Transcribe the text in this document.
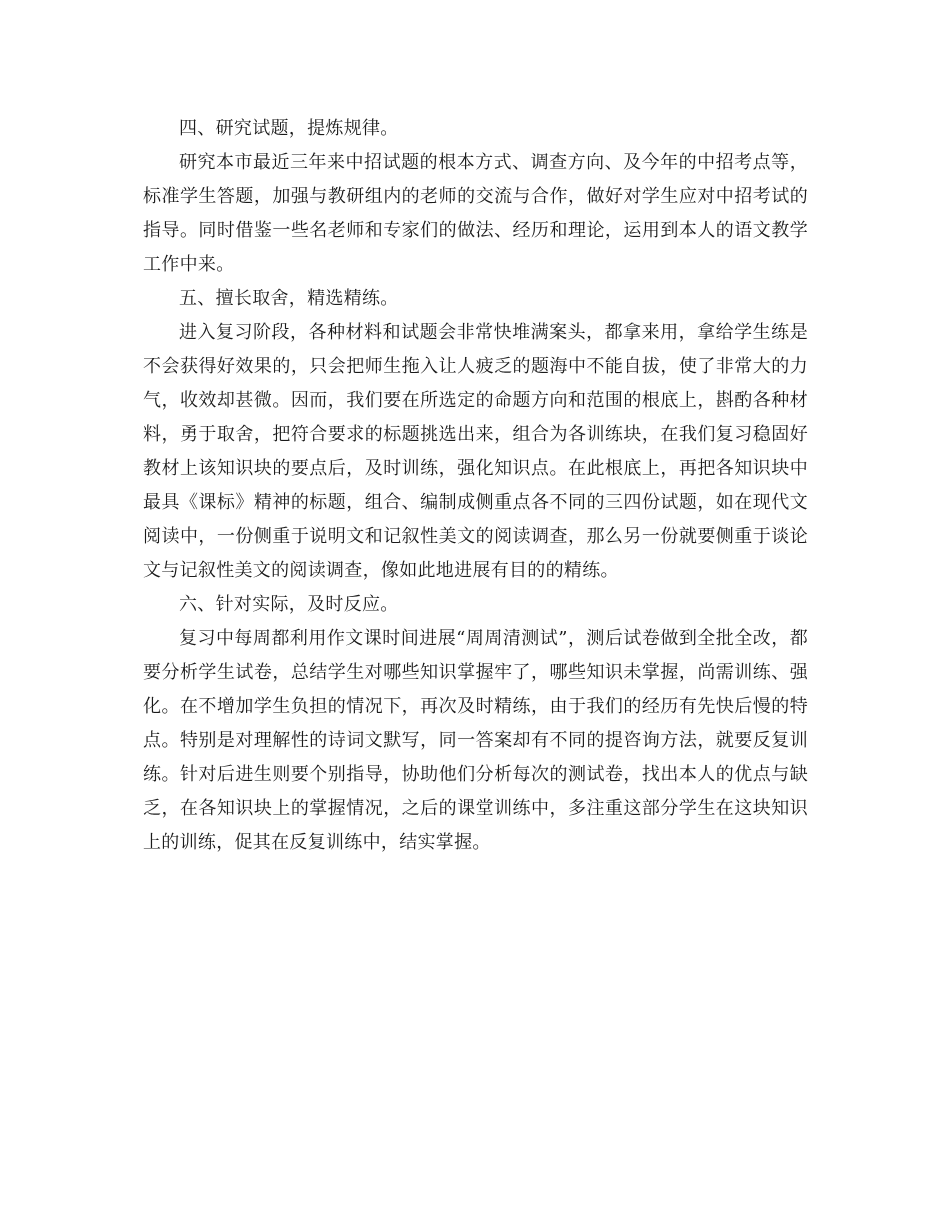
四、研究试题，提炼规律。

研究本市最近三年来中招试题的根本方式、调查方向、及今年的中招考点等，标准学生答题，加强与教研组内的老师的交流与合作，做好对学生应对中招考试的指导。同时借鉴一些名老师和专家们的做法、经历和理论，运用到本人的语文教学工作中来。

五、擅长取舍，精选精练。

进入复习阶段，各种材料和试题会非常快堆满案头，都拿来用，拿给学生练是不会获得好效果的，只会把师生拖入让人疲乏的题海中不能自拔，使了非常大的力气，收效却甚微。因而，我们要在所选定的命题方向和范围的根底上，斟酌各种材料，勇于取舍，把符合要求的标题挑选出来，组合为各训练块，在我们复习稳固好教材上该知识块的要点后，及时训练，强化知识点。在此根底上，再把各知识块中最具《课标》精神的标题，组合、编制成侧重点各不同的三四份试题，如在现代文阅读中，一份侧重于说明文和记叙性美文的阅读调查，那么另一份就要侧重于谈论文与记叙性美文的阅读调查，像如此地进展有目的的精练。

六、针对实际，及时反应。

复习中每周都利用作文课时间进展“周周清测试”，测后试卷做到全批全改，都要分析学生试卷，总结学生对哪些知识掌握牢了，哪些知识未掌握，尚需训练、强化。在不增加学生负担的情况下，再次及时精练，由于我们的经历有先快后慢的特点。特别是对理解性的诗词文默写，同一答案却有不同的提咨询方法，就要反复训练。针对后进生则要个别指导，协助他们分析每次的测试卷，找出本人的优点与缺乏，在各知识块上的掌握情况，之后的课堂训练中，多注重这部分学生在这块知识上的训练，促其在反复训练中，结实掌握。
